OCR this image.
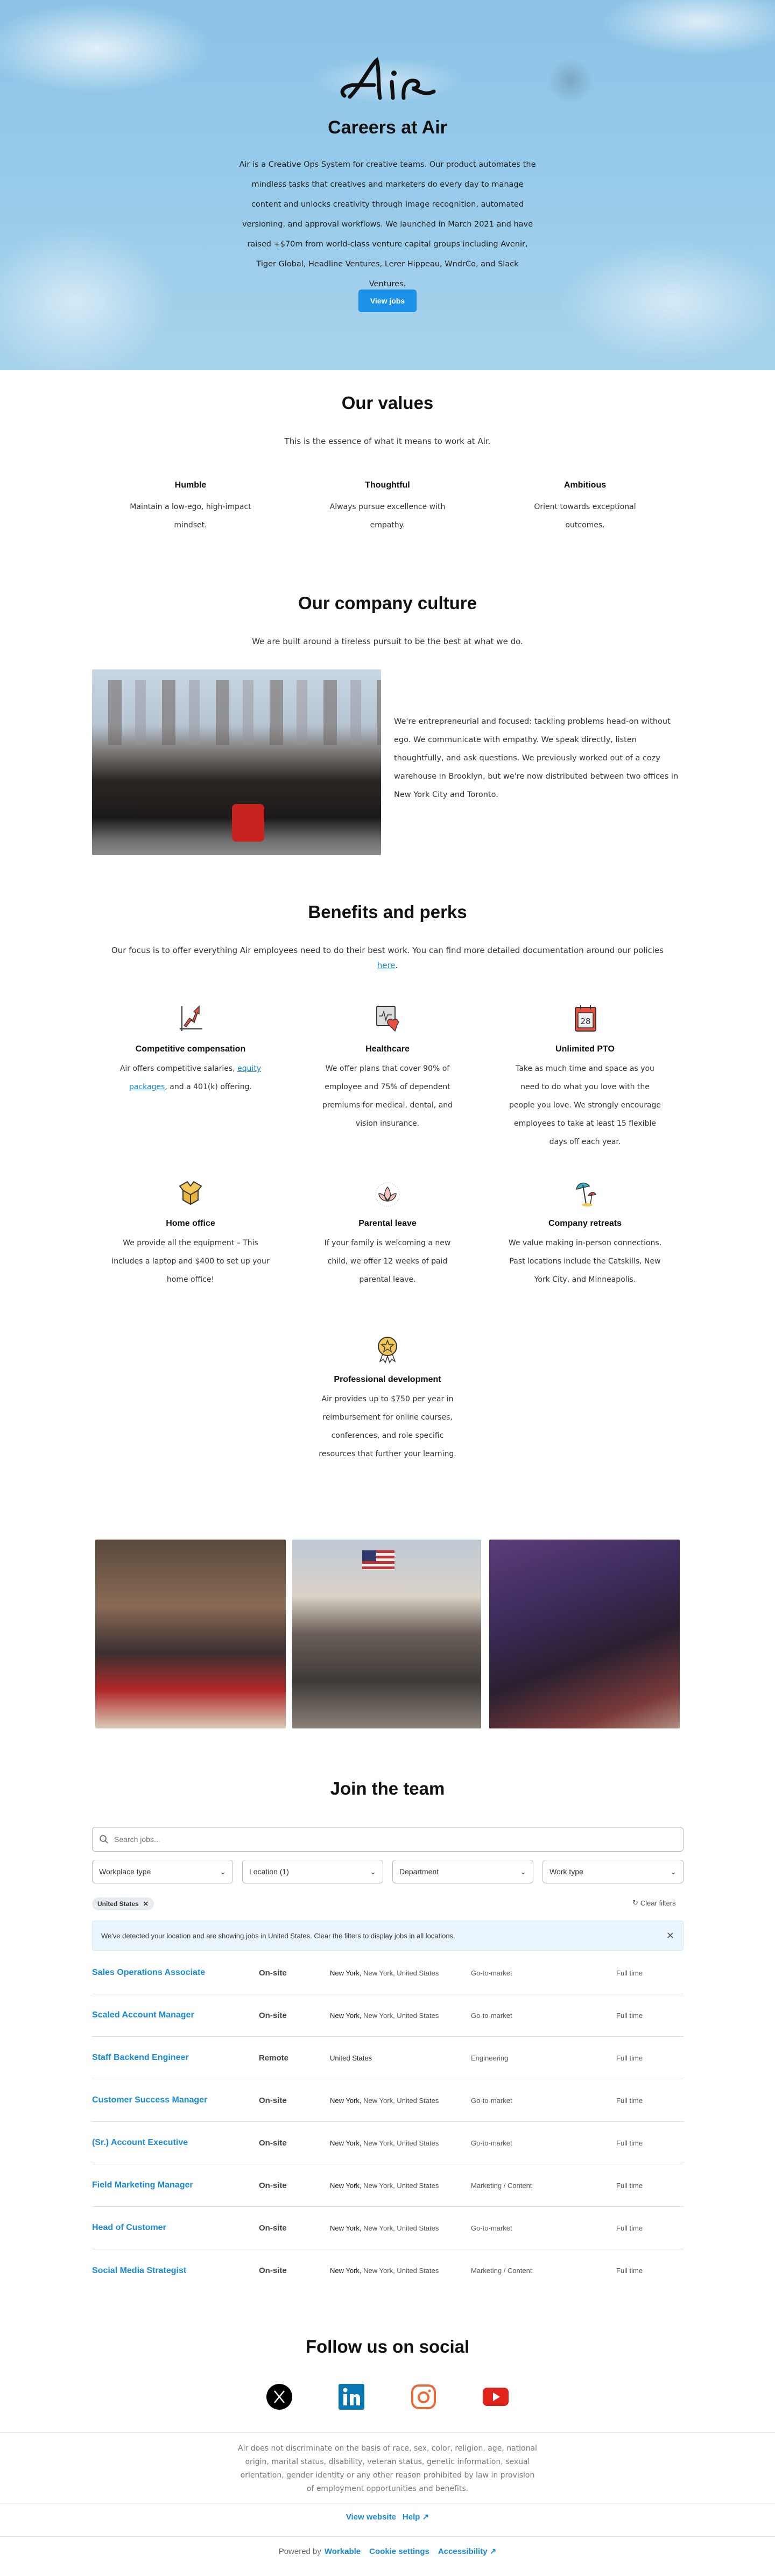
Careers at Air

Air is a Creative Ops System for creative teams. Our product automates the mindless tasks that creatives and marketers do every day to manage content and unlocks creativity through image recognition, automated versioning, and approval workflows. We launched in March 2021 and have raised +$70m from world-class venture capital groups including Avenir, Tiger Global, Headline Ventures, Lerer Hippeau, WndrCo, and Slack Ventures.

View jobs
Our values

This is the essence of what it means to work at Air.

Humble

Maintain a low-ego, high-impact mindset.

Thoughtful

Always pursue excellence with empathy.

Ambitious

Orient towards exceptional outcomes.

Our company culture

We are built around a tireless pursuit to be the best at what we do.

We're entrepreneurial and focused: tackling problems head-on without ego. We communicate with empathy. We speak directly, listen thoughtfully, and ask questions. We previously worked out of a cozy warehouse in Brooklyn, but we're now distributed between two offices in New York City and Toronto.

Benefits and perks

Our focus is to offer everything Air employees need to do their best work. You can find more detailed documentation around our policies here.

Competitive compensation

Air offers competitive salaries, equity packages, and a 401(k) offering.

Healthcare

We offer plans that cover 90% of employee and 75% of dependent premiums for medical, dental, and vision insurance.

28
Unlimited PTO

Take as much time and space as you need to do what you love with the people you love. We strongly encourage employees to take at least 15 flexible days off each year.

Home office

We provide all the equipment – This includes a laptop and $400 to set up your home office!

Parental leave

If your family is welcoming a new child, we offer 12 weeks of paid parental leave.

Company retreats

We value making in-person connections. Past locations include the Catskills, New York City, and Minneapolis.

Professional development

Air provides up to $750 per year in reimbursement for online courses, conferences, and role specific resources that further your learning.

Join the team
Search jobs...
Workplace type	⌄	Location (1)	⌄	Department	⌄	Work type	⌄
United States ✕	↻ Clear filters
We've detected your location and are showing jobs in United States. Clear the filters to display jobs in all locations.	✕
Sales Operations Associate	On-site	New York, New York, United States	Go-to-market	Full time
Scaled Account Manager	On-site	New York, New York, United States	Go-to-market	Full time
Staff Backend Engineer	Remote	United States	Engineering	Full time
Customer Success Manager	On-site	New York, New York, United States	Go-to-market	Full time
(Sr.) Account Executive	On-site	New York, New York, United States	Go-to-market	Full time
Field Marketing Manager	On-site	New York, New York, United States	Marketing / Content	Full time
Head of Customer	On-site	New York, New York, United States	Go-to-market	Full time
Social Media Strategist	On-site	New York, New York, United States	Marketing / Content	Full time
Follow us on social

Air does not discriminate on the basis of race, sex, color, religion, age, national origin, marital status, disability, veteran status, genetic information, sexual orientation, gender identity or any other reason prohibited by law in provision of employment opportunities and benefits.

View website Help ↗
Powered by Workable Cookie settings Accessibility ↗
